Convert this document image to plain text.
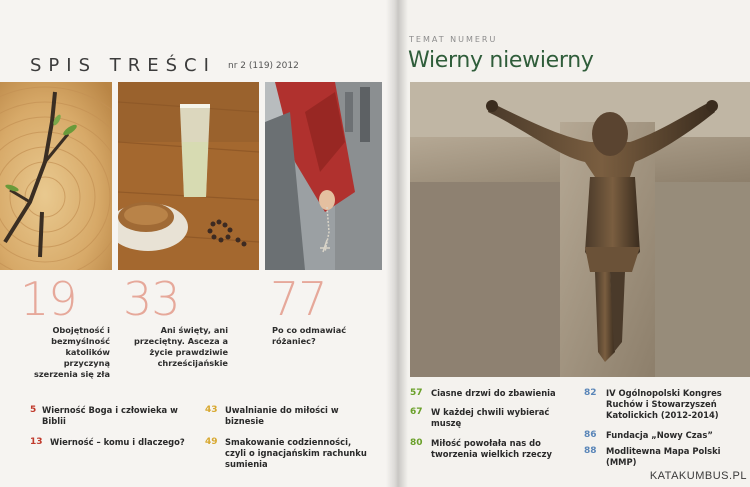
SPIS TREŚCI nr 2 (119) 2012
19 33 77
Obojętność i bezmyślność katolików przyczyną szerzenia się zła
Ani święty, ani przeciętny. Asceza a życie prawdziwie chrześcijańskie
Po co odmawiać różaniec?
5 Wierność Boga i człowieka w Biblii
13 Wierność – komu i dlaczego?
43 Uwalnianie do miłości w biznesie
49 Smakowanie codzienności, czyli o ignacjańskim rachunku sumienia
TEMAT NUMERU
Wierny niewierny
57 Ciasne drzwi do zbawienia
67 W każdej chwili wybierać muszę
80 Miłość powołała nas do tworzenia wielkich rzeczy
82 IV Ogólnopolski Kongres Ruchów i Stowarzyszeń Katolickich (2012-2014)
86 Fundacja „Nowy Czas”
88 Modlitewna Mapa Polski (MMP)
KATAKUMBUS.PL
